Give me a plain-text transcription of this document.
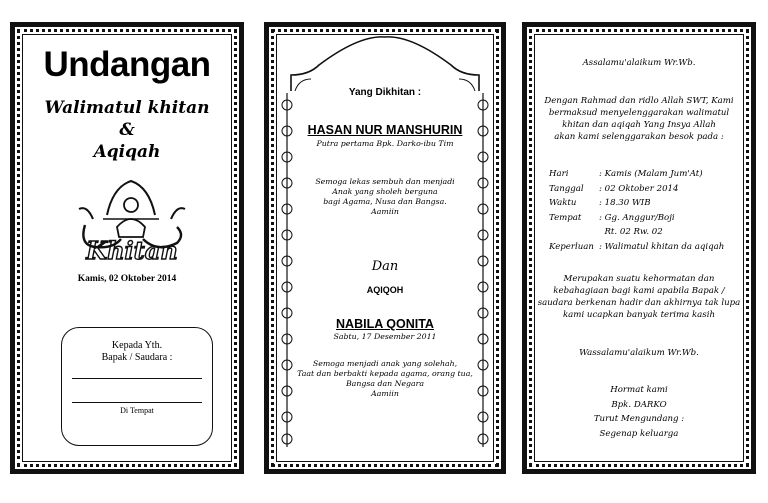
Undangan
Walimatul khitan
&
Aqiqah
Khitan
Kamis, 02 Oktober 2014
Kepada Yth.
Bapak / Saudara :
Di Tempat
Yang Dikhitan :
HASAN NUR MANSHURIN
Putra pertama Bpk. Darko-ibu Tim
Semoga lekas sembuh dan menjadi
Anak yang sholeh berguna
bagi Agama, Nusa dan Bangsa.
Aamiin
Dan
AQIQOH
NABILA QONITA
Sabtu, 17 Desember 2011
Semoga menjadi anak yang solehah,
Taat dan berbakti kepada agama, orang tua,
Bangsa dan Negara
Aamiin
Assalamu'alaikum Wr.Wb.
Dengan Rahmad dan ridlo Allah SWT, Kami
bermaksud menyelenggarakan walimatul
khitan dan aqiqah Yang Insya Allah
akan kami selenggarakan besok pada :
Hari	: Kamis (Malam Jum'At)
Tanggal	: 02 Oktober 2014
Waktu	: 18.30 WIB
Tempat	: Gg. Anggur/Boji
Rt. 02 Rw. 02
Keperluan : Walimatul khitan da aqiqah
Merupakan suatu kehormatan dan
kebahagiaan bagi kami apabila Bapak /
saudara berkenan hadir dan akhirnya tak lupa
kami ucapkan banyak terima kasih
Wassalamu'alaikum Wr.Wb.
Hormat kami
Bpk. DARKO
Turut Mengundang :
Segenap keluarga
